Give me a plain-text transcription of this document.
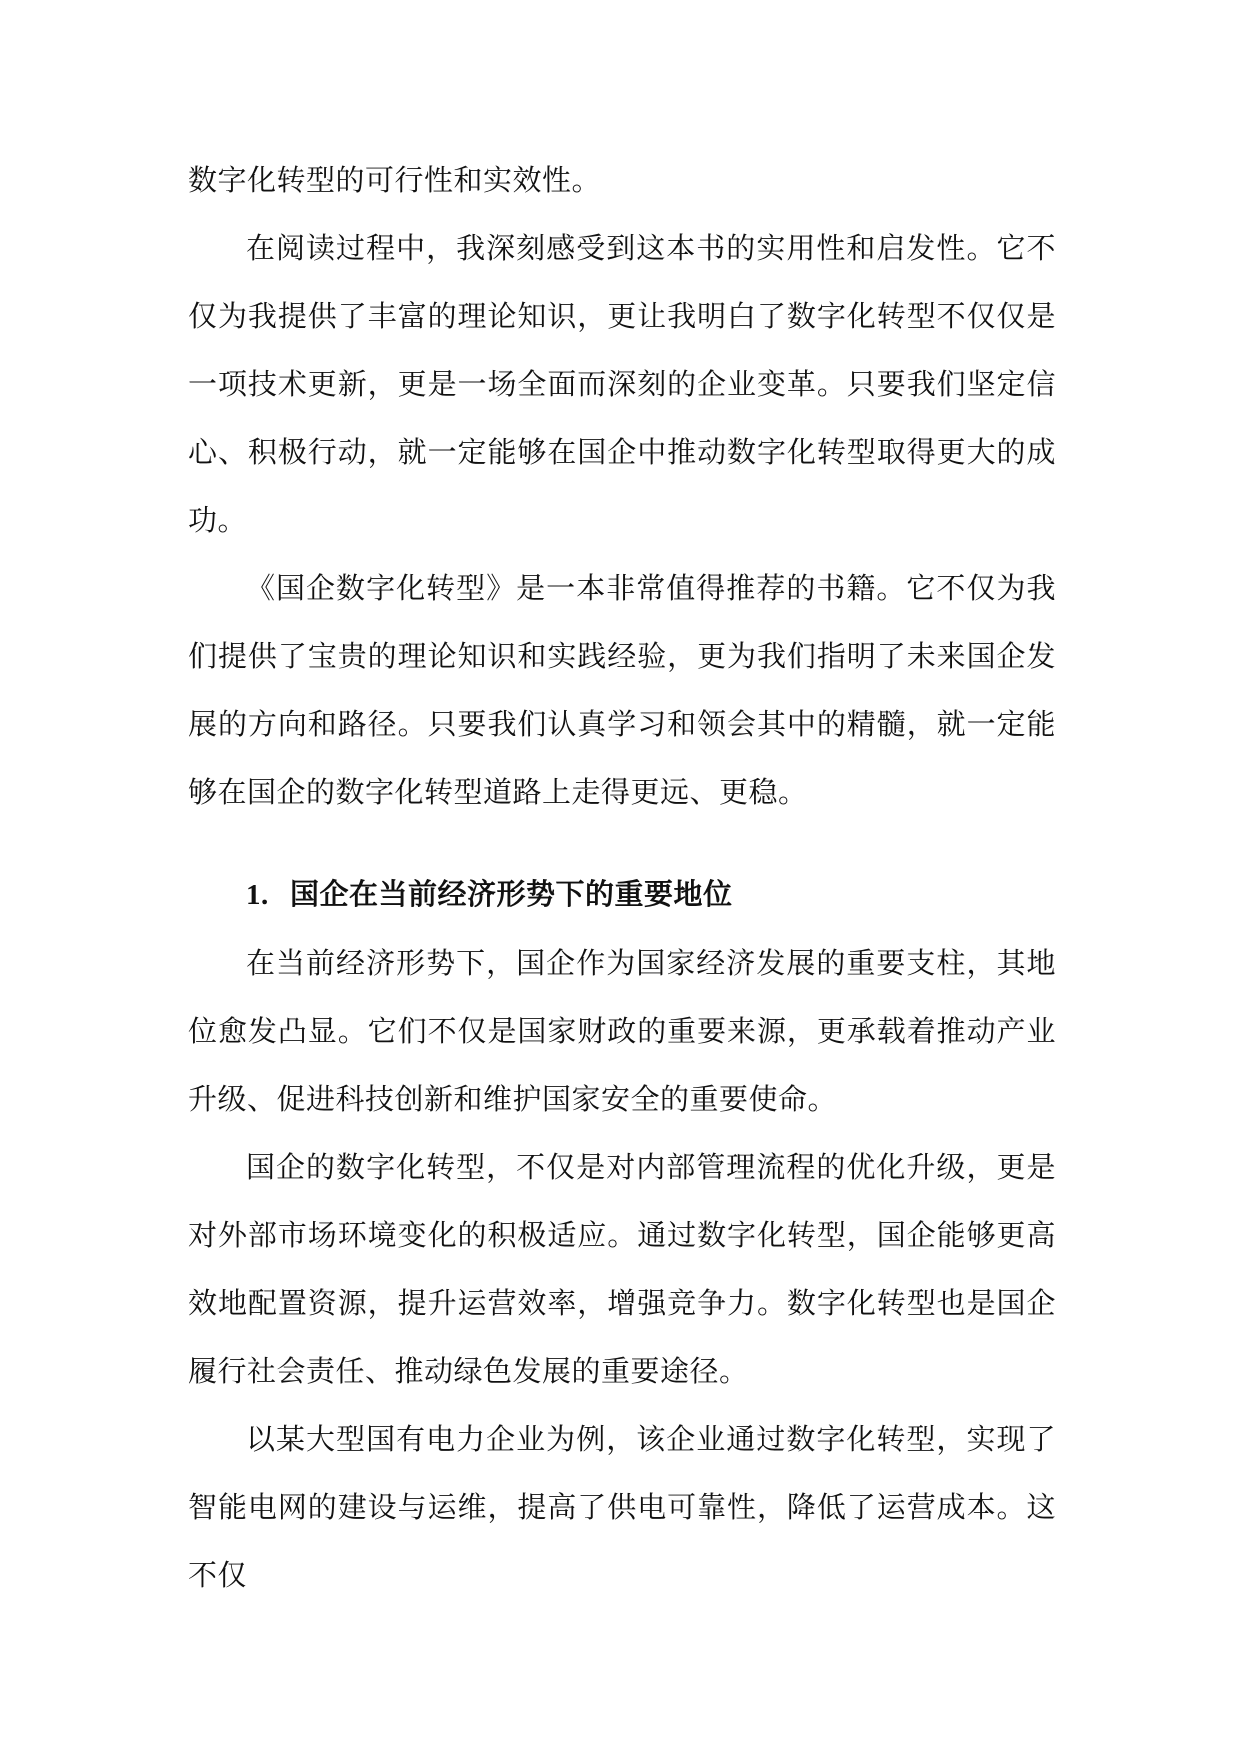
数字化转型的可行性和实效性。

在阅读过程中，我深刻感受到这本书的实用性和启发性。它不仅为我提供了丰富的理论知识，更让我明白了数字化转型不仅仅是一项技术更新，更是一场全面而深刻的企业变革。只要我们坚定信心、积极行动，就一定能够在国企中推动数字化转型取得更大的成功。

《国企数字化转型》是一本非常值得推荐的书籍。它不仅为我们提供了宝贵的理论知识和实践经验，更为我们指明了未来国企发展的方向和路径。只要我们认真学习和领会其中的精髓，就一定能够在国企的数字化转型道路上走得更远、更稳。

1. 国企在当前经济形势下的重要地位

在当前经济形势下，国企作为国家经济发展的重要支柱，其地位愈发凸显。它们不仅是国家财政的重要来源，更承载着推动产业升级、促进科技创新和维护国家安全的重要使命。

国企的数字化转型，不仅是对内部管理流程的优化升级，更是对外部市场环境变化的积极适应。通过数字化转型，国企能够更高效地配置资源，提升运营效率，增强竞争力。数字化转型也是国企履行社会责任、推动绿色发展的重要途径。

以某大型国有电力企业为例，该企业通过数字化转型，实现了智能电网的建设与运维，提高了供电可靠性，降低了运营成本。这不仅
